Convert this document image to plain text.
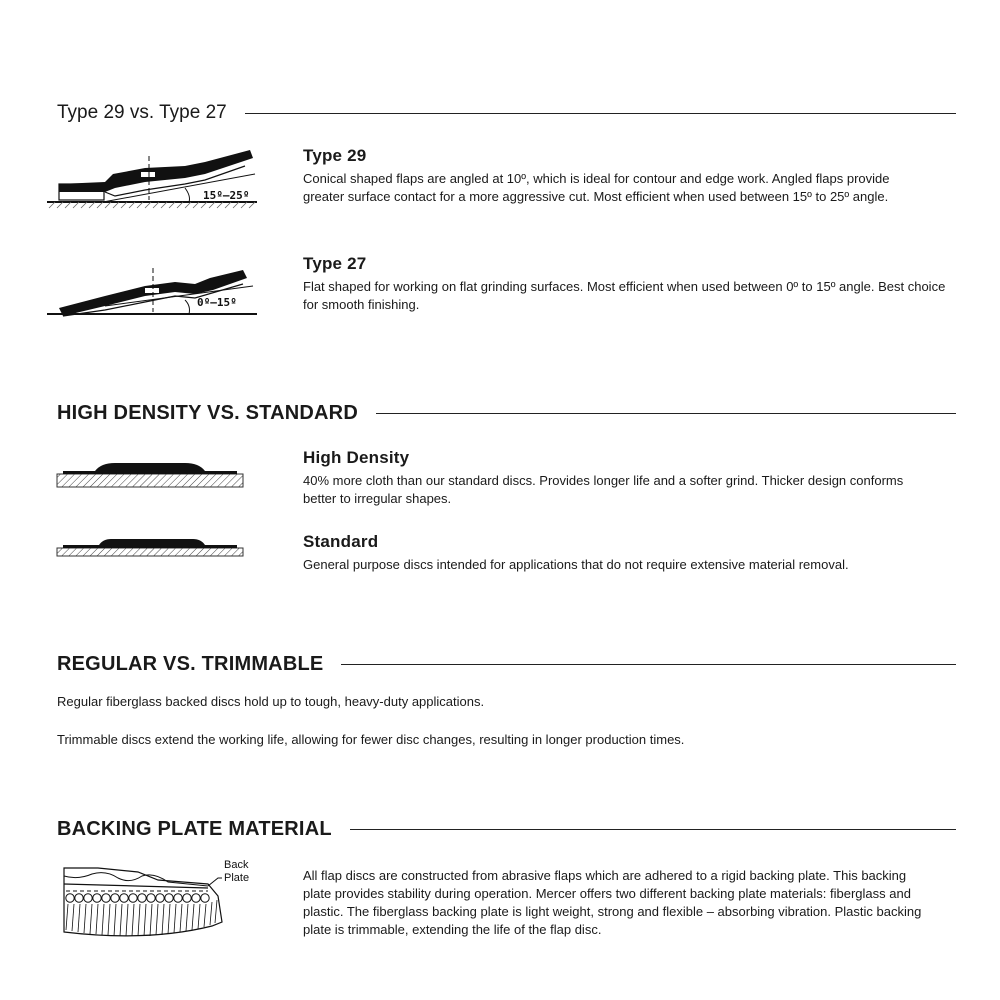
Type 29 vs. Type 27
15º–25º
Type 29

Conical shaped flaps are angled at 10º, which is ideal for contour and edge work. Angled flaps provide greater surface contact for a more aggressive cut. Most efficient when used between 15º to 25º angle.

0º–15º
Type 27

Flat shaped for working on flat grinding surfaces. Most efficient when used between 0º to 15º angle. Best choice for smooth finishing.

HIGH DENSITY VS. STANDARD
High Density

40% more cloth than our standard discs. Provides longer life and a softer grind. Thicker design conforms better to irregular shapes.

Standard

General purpose discs intended for applications that do not require extensive material removal.

REGULAR VS. TRIMMABLE

Regular fiberglass backed discs hold up to tough, heavy-duty applications.

Trimmable discs extend the working life, allowing for fewer disc changes, resulting in longer production times.

BACKING PLATE MATERIAL
Back
Plate	All flap discs are constructed from abrasive flaps which are adhered to a rigid backing plate. This backing plate provides stability during operation. Mercer offers two different backing plate materials: fiberglass and plastic. The fiberglass backing plate is light weight, strong and flexible – absorbing vibration. Plastic backing plate is trimmable, extending the life of the flap disc.
